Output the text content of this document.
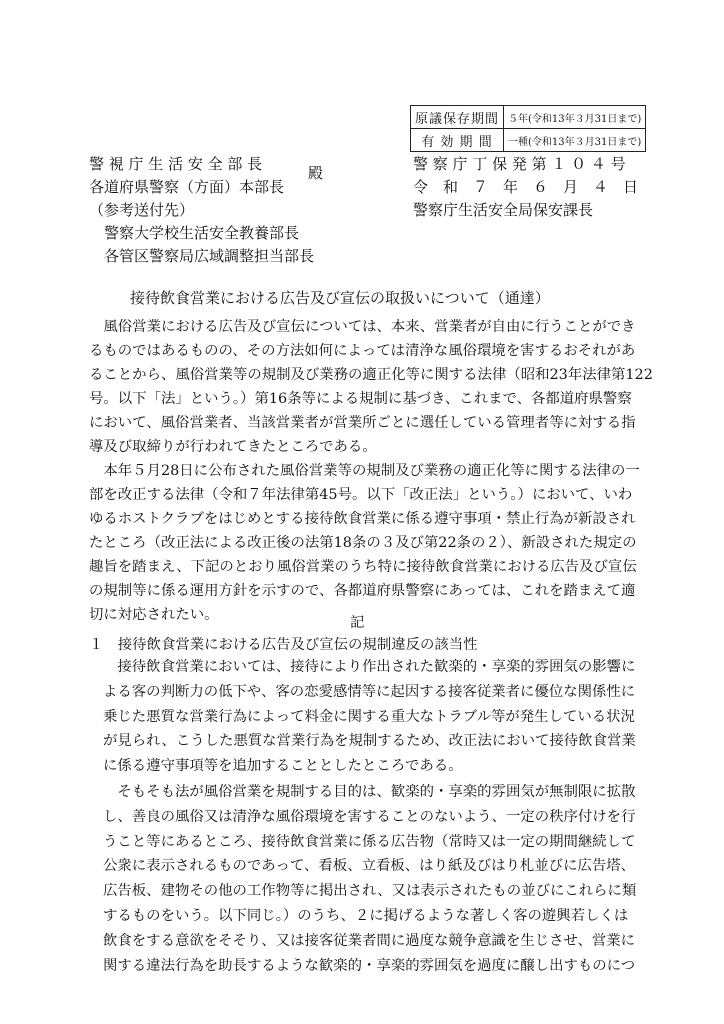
原議保存期間	５年(令和13年３月31日まで)
有 効 期 間	一種(令和13年３月31日まで)
警 視 庁 生 活 安 全 部 長
各道府県警察（方面）本部長
（参考送付先）
　警察大学校生活安全教養部長
　各管区警察局広域調整担当部長
殿	警 察 庁 丁 保 発 第 １ ０ ４ 号
令　和　７　年　６　月　４　日
警察庁生活安全局保安課長
接待飲食営業における広告及び宣伝の取扱いについて（通達）
　風俗営業における広告及び宣伝については、本来、営業者が自由に行うことができ
るものではあるものの、その方法如何によっては清浄な風俗環境を害するおそれがあ
ることから、風俗営業等の規制及び業務の適正化等に関する法律（昭和23年法律第122
号。以下「法」という。）第16条等による規制に基づき、これまで、各都道府県警察
において、風俗営業者、当該営業者が営業所ごとに選任している管理者等に対する指
導及び取締りが行われてきたところである。
　本年５月28日に公布された風俗営業等の規制及び業務の適正化等に関する法律の一
部を改正する法律（令和７年法律第45号。以下「改正法」という。）において、いわ
ゆるホストクラブをはじめとする接待飲食営業に係る遵守事項・禁止行為が新設され
たところ（改正法による改正後の法第18条の３及び第22条の２）、新設された規定の
趣旨を踏まえ、下記のとおり風俗営業のうち特に接待飲食営業における広告及び宣伝
の規制等に係る運用方針を示すので、各都道府県警察にあっては、これを踏まえて適
切に対応されたい。	記
１　接待飲食営業における広告及び宣伝の規制違反の該当性
　接待飲食営業においては、接待により作出された歓楽的・享楽的雰囲気の影響に
よる客の判断力の低下や、客の恋愛感情等に起因する接客従業者に優位な関係性に
乗じた悪質な営業行為によって料金に関する重大なトラブル等が発生している状況
が見られ、こうした悪質な営業行為を規制するため、改正法において接待飲食営業
に係る遵守事項等を追加することとしたところである。
　そもそも法が風俗営業を規制する目的は、歓楽的・享楽的雰囲気が無制限に拡散
し、善良の風俗又は清浄な風俗環境を害することのないよう、一定の秩序付けを行
うこと等にあるところ、接待飲食営業に係る広告物（常時又は一定の期間継続して
公衆に表示されるものであって、看板、立看板、はり紙及びはり札並びに広告塔、
広告板、建物その他の工作物等に掲出され、又は表示されたもの並びにこれらに類
するものをいう。以下同じ。）のうち、２に掲げるような著しく客の遊興若しくは
飲食をする意欲をそそり、又は接客従業者間に過度な競争意識を生じさせ、営業に
関する違法行為を助長するような歓楽的・享楽的雰囲気を過度に醸し出すものにつ
